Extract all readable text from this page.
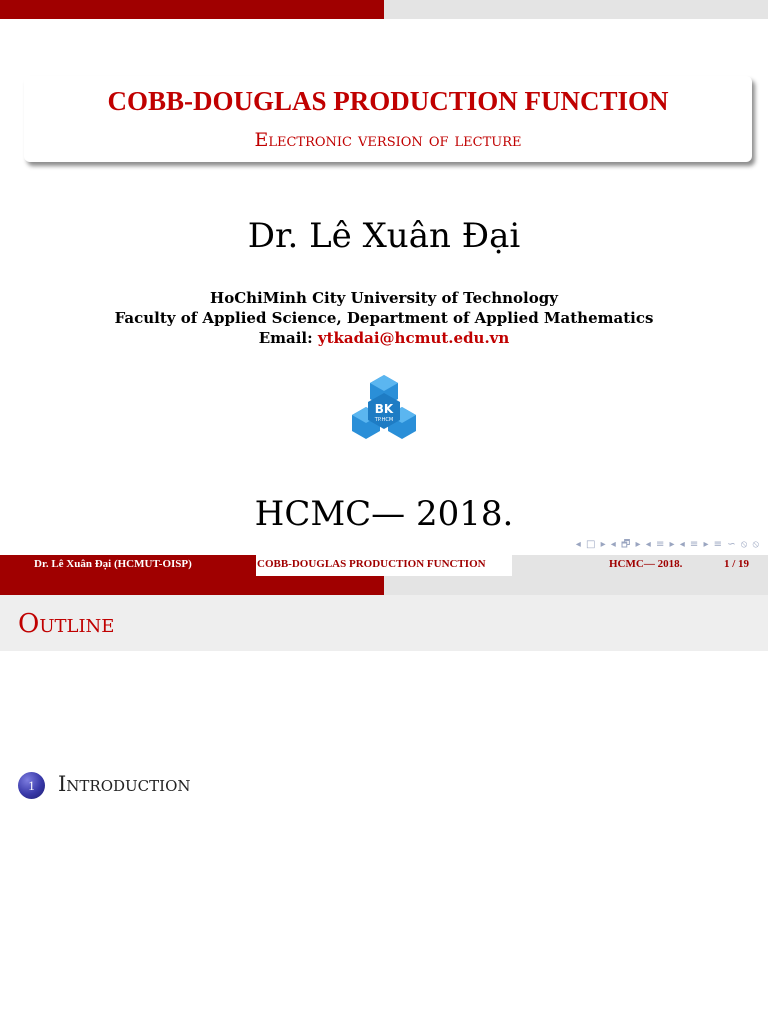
COBB-DOUGLAS PRODUCTION FUNCTION
Electronic version of lecture
Dr. Lê Xuân Đại
HoChiMinh City University of Technology
Faculty of Applied Science, Department of Applied Mathematics
Email: ytkadai@hcmut.edu.vn
BK
TP.HCM
HCMC— 2018.
◂ □ ▸ ◂ 🗗 ▸ ◂ ≡ ▸ ◂ ≡ ▸ ≡ ∽ ⦸ ⦸
Dr. Lê Xuân Đại (HCMUT-OISP)	COBB-DOUGLAS PRODUCTION FUNCTION	HCMC— 2018.	1 / 19
Outline
1	Introduction
